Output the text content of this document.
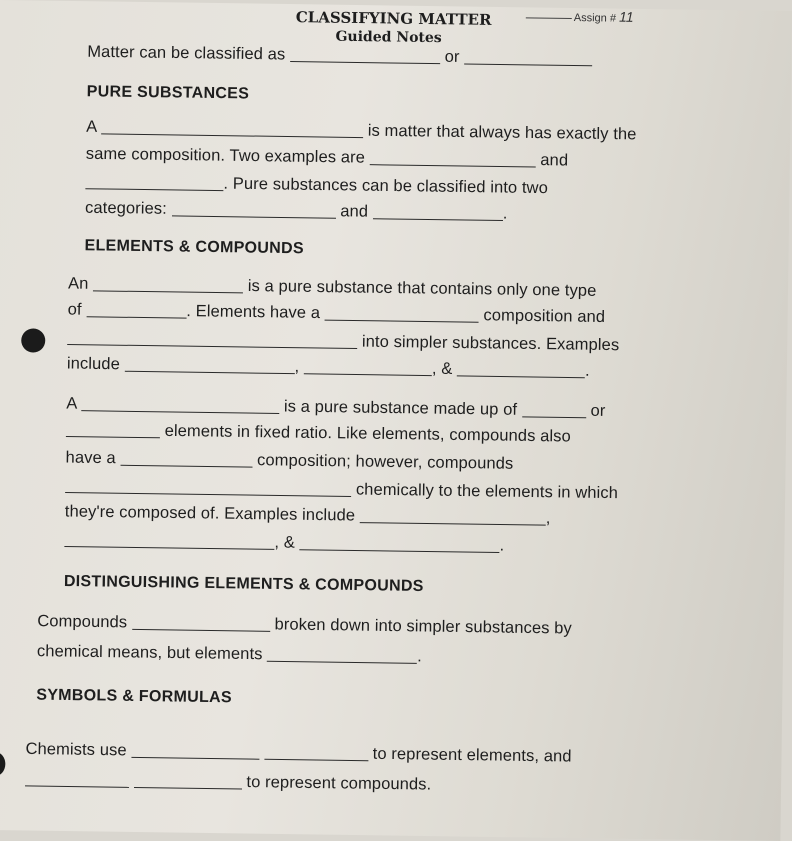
Assign # 11
CLASSIFYING MATTER
Guided Notes
Matter can be classified as	or
PURE SUBSTANCES
A	is matter that always has exactly the
same composition. Two examples are	and
. Pure substances can be classified into two
categories:	and	.
ELEMENTS & COMPOUNDS
An	is a pure substance that contains only one type
of	. Elements have a	composition and
into simpler substances. Examples
include	,	, &	.
A	is a pure substance made up of	or
elements in fixed ratio. Like elements, compounds also
have a	composition; however, compounds
chemically to the elements in which
they're composed of. Examples include	,
, &	.
DISTINGUISHING ELEMENTS & COMPOUNDS
Compounds	broken down into simpler substances by
chemical means, but elements	.
SYMBOLS & FORMULAS
Chemists use	to represent elements, and
to represent compounds.
